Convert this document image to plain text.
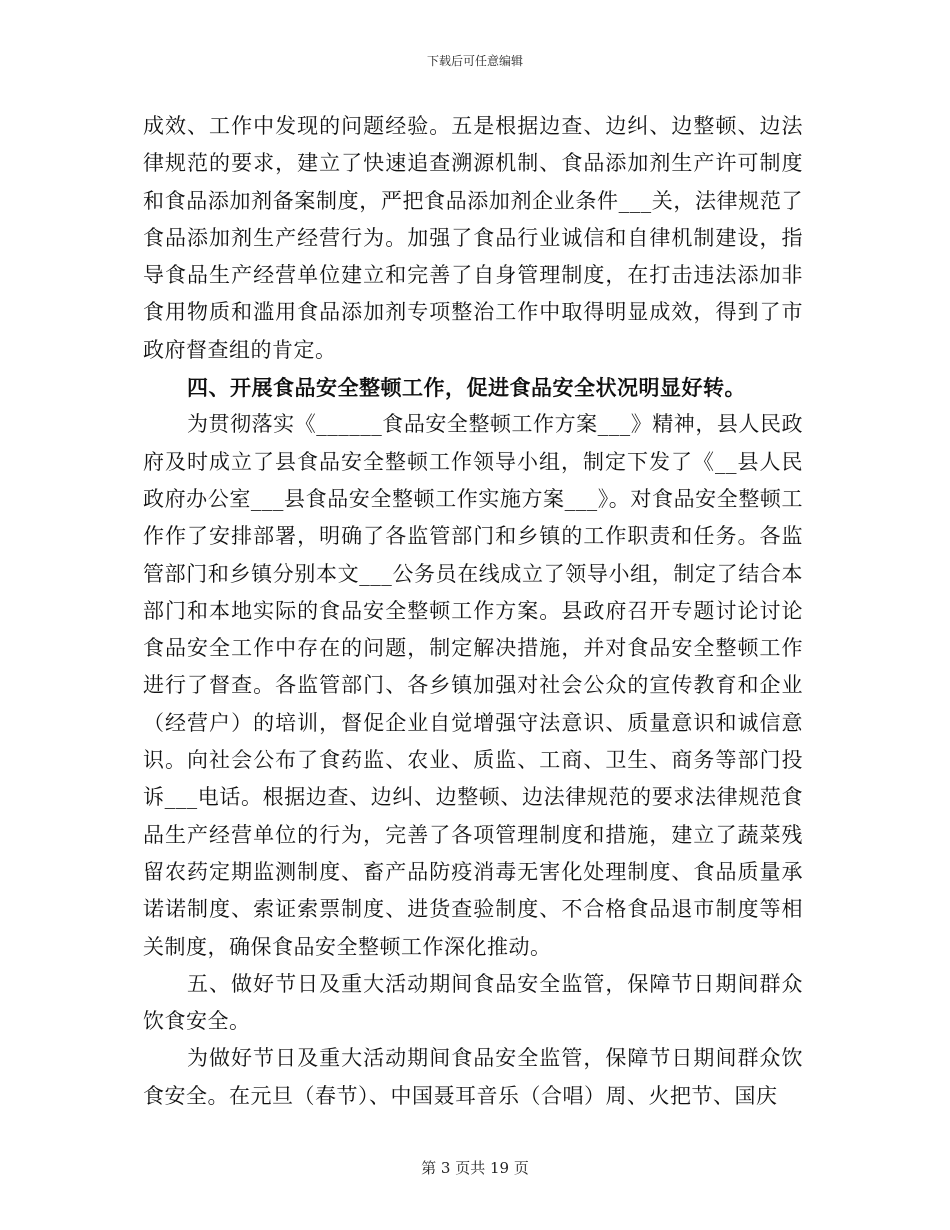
下载后可任意编辑

成效、工作中发现的问题经验。五是根据边查、边纠、边整顿、边法律规范的要求，建立了快速追查溯源机制、食品添加剂生产许可制度和食品添加剂备案制度，严把食品添加剂企业条件___关，法律规范了食品添加剂生产经营行为。加强了食品行业诚信和自律机制建设，指导食品生产经营单位建立和完善了自身管理制度，在打击违法添加非食用物质和滥用食品添加剂专项整治工作中取得明显成效，得到了市政府督查组的肯定。

四、开展食品安全整顿工作，促进食品安全状况明显好转。

为贯彻落实《______食品安全整顿工作方案___》精神，县人民政府及时成立了县食品安全整顿工作领导小组，制定下发了《__县人民政府办公室___县食品安全整顿工作实施方案___》。对食品安全整顿工作作了安排部署，明确了各监管部门和乡镇的工作职责和任务。各监管部门和乡镇分别本文___公务员在线成立了领导小组，制定了结合本部门和本地实际的食品安全整顿工作方案。县政府召开专题讨论讨论食品安全工作中存在的问题，制定解决措施，并对食品安全整顿工作进行了督查。各监管部门、各乡镇加强对社会公众的宣传教育和企业（经营户）的培训，督促企业自觉增强守法意识、质量意识和诚信意识。向社会公布了食药监、农业、质监、工商、卫生、商务等部门投诉___电话。根据边查、边纠、边整顿、边法律规范的要求法律规范食品生产经营单位的行为，完善了各项管理制度和措施，建立了蔬菜残留农药定期监测制度、畜产品防疫消毒无害化处理制度、食品质量承诺诺制度、索证索票制度、进货查验制度、不合格食品退市制度等相关制度，确保食品安全整顿工作深化推动。

五、做好节日及重大活动期间食品安全监管，保障节日期间群众饮食安全。

为做好节日及重大活动期间食品安全监管，保障节日期间群众饮食安全。在元旦（春节）、中国聂耳音乐（合唱）周、火把节、国庆

第 3 页共 19 页
